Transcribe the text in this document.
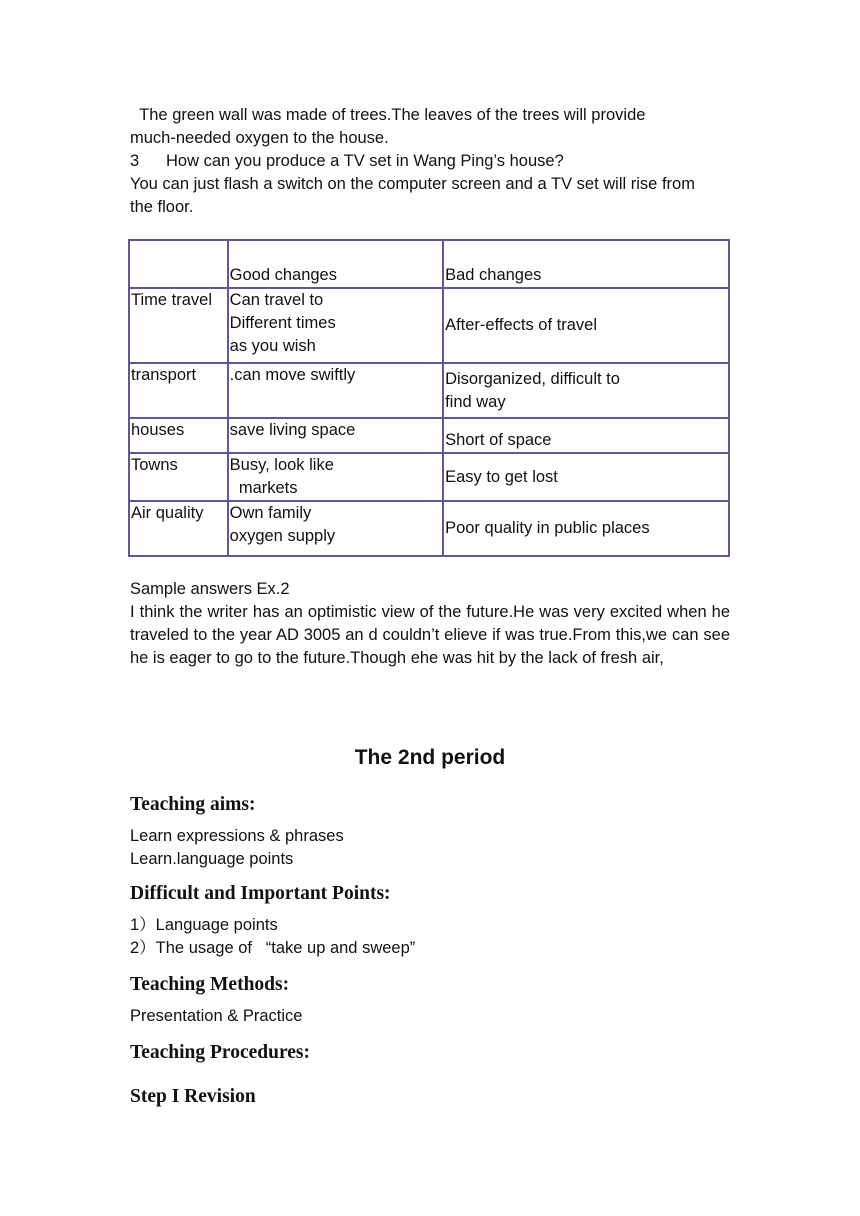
The green wall was made of trees.The leaves of the trees will provide
much-needed oxygen to the house.
3 How can you produce a TV set in Wang Ping’s house?
You can just flash a switch on the computer screen and a TV set will rise from
the floor.
	Good changes	Bad changes
Time travel	Can travel to
Different times
as you wish	After-effects of travel

transport	.can move swiftly	Disorganized, difficult to
find way

houses	save living space	Short of space

Towns	Busy, look like
markets	Easy to get lost

Air quality	Own family
oxygen supply	Poor quality in public places
Sample answers Ex.2
I think the writer has an optimistic view of the future.He was very excited when he traveled to the year AD 3005 an d couldn’t elieve if was true.From this,we can see he is eager to go to the future.Though ehe was hit by the lack of fresh air,
The 2nd period
Teaching aims:
Learn expressions & phrases
Learn.language points
Difficult and Important Points:
1）Language points
2）The usage of   “take up and sweep”
Teaching Methods:
Presentation & Practice
Teaching Procedures:
Step I Revision
